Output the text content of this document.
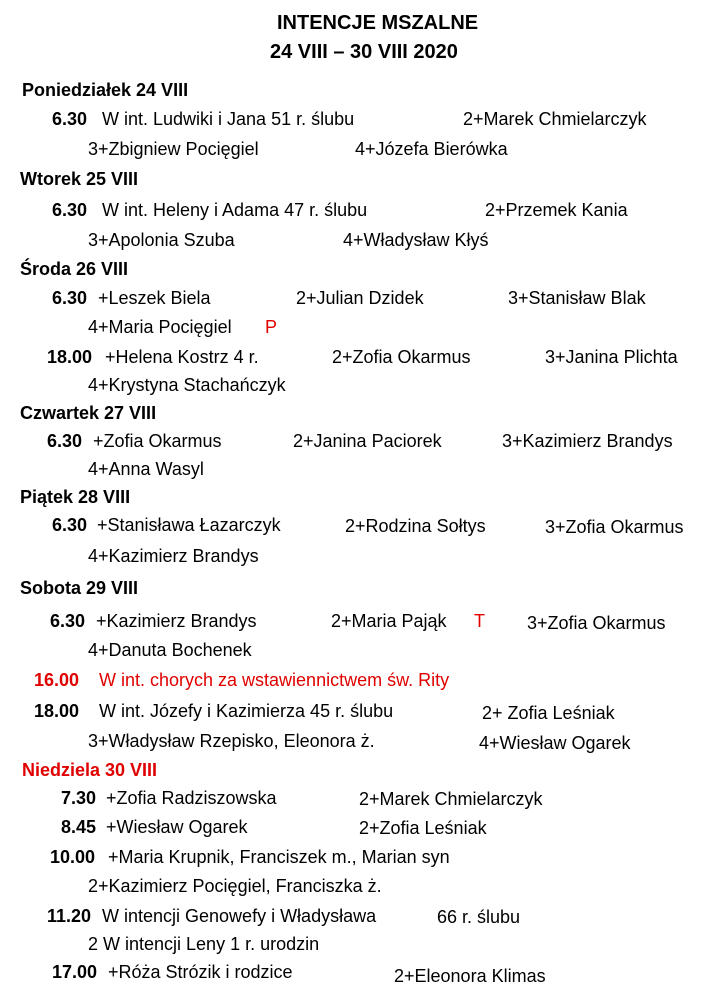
INTENCJE MSZALNE
24 VIII – 30 VIII 2020
Poniedziałek 24 VIII
6.30 W int. Ludwiki i Jana 51 r. ślubu	2+Marek Chmielarczyk
3+Zbigniew Pocięgiel	4+Józefa Bierówka
Wtorek 25 VIII
6.30 W int. Heleny i Adama 47 r. ślubu	2+Przemek Kania
3+Apolonia Szuba	4+Władysław Kłyś
Środa 26 VIII
6.30 +Leszek Biela	2+Julian Dzidek	3+Stanisław Blak
4+Maria Pocięgiel P
18.00 +Helena Kostrz 4 r.	2+Zofia Okarmus	3+Janina Plichta
4+Krystyna Stachańczyk
Czwartek 27 VIII
6.30 +Zofia Okarmus	2+Janina Paciorek	3+Kazimierz Brandys
4+Anna Wasyl
Piątek 28 VIII
6.30 +Stanisława Łazarczyk	2+Rodzina Sołtys	3+Zofia Okarmus
4+Kazimierz Brandys
Sobota 29 VIII
6.30 +Kazimierz Brandys	2+Maria Pająk T 3+Zofia Okarmus
4+Danuta Bochenek
16.00 W int. chorych za wstawiennictwem św. Rity
18.00 W int. Józefy i Kazimierza 45 r. ślubu	2+ Zofia Leśniak
3+Władysław Rzepisko, Eleonora ż.	4+Wiesław Ogarek
Niedziela 30 VIII
7.30 +Zofia Radziszowska	2+Marek Chmielarczyk
8.45 +Wiesław Ogarek	2+Zofia Leśniak
10.00 +Maria Krupnik, Franciszek m., Marian syn
2+Kazimierz Pocięgiel, Franciszka ż.
11.20 W intencji Genowefy i Władysława	66 r. ślubu
2 W intencji Leny 1 r. urodzin
17.00 +Róża Strózik i rodzice	2+Eleonora Klimas
